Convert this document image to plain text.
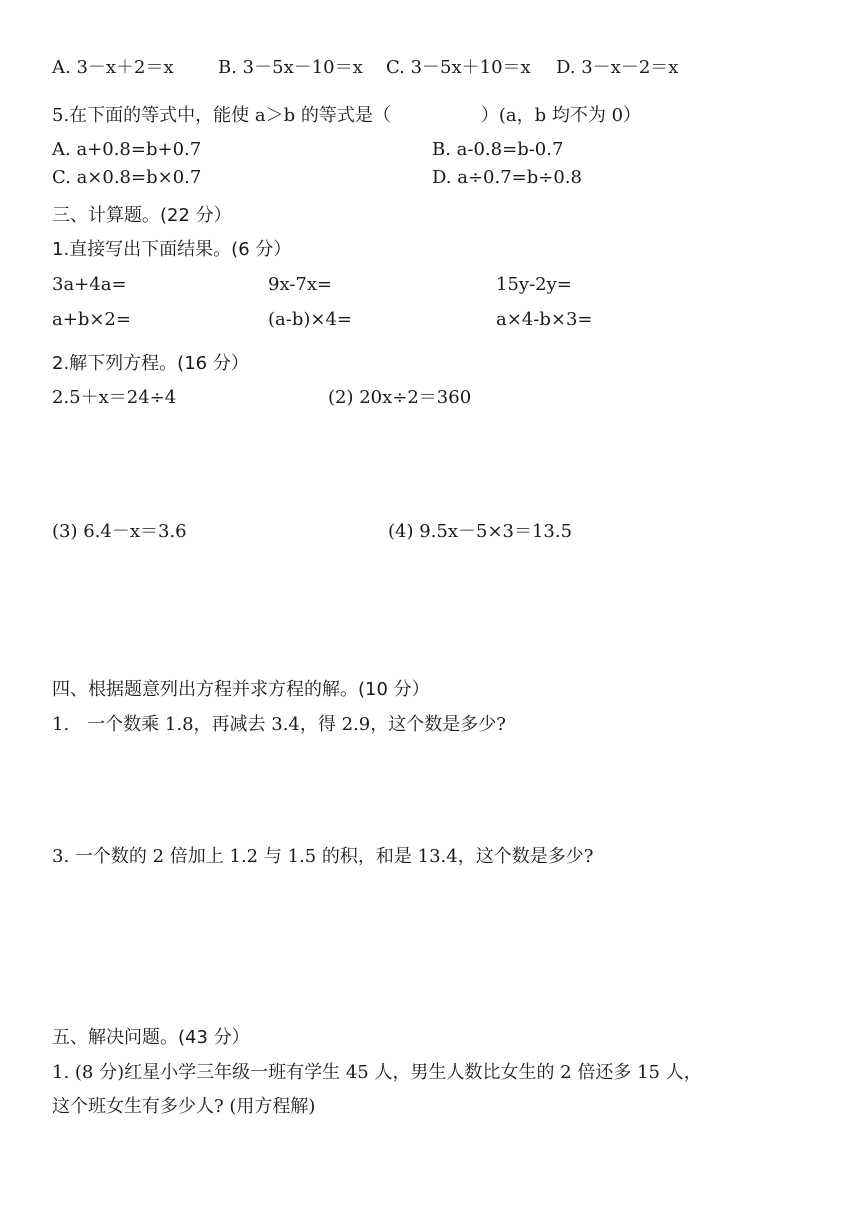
A. 3－x＋2＝x B. 3－5x－10＝x C. 3－5x＋10＝x D. 3－x－2＝x
5.在下面的等式中，能使 a＞b 的等式是（　　　　　）(a，b 均不为 0）
A. a+0.8=b+0.7	B. a-0.8=b-0.7
C. a×0.8=b×0.7	D. a÷0.7=b÷0.8
三、计算题。(22 分）
1.直接写出下面结果。(6 分）
3a+4a=	9x-7x=	15y-2y=
a+b×2=	(a-b)×4=	a×4-b×3=
2.解下列方程。(16 分）
2.5＋x＝24÷4	(2) 20x÷2＝360
(3) 6.4－x＝3.6	(4) 9.5x－5×3＝13.5
四、根据题意列出方程并求方程的解。(10 分）
1.　一个数乘 1.8，再减去 3.4，得 2.9，这个数是多少?
3. 一个数的 2 倍加上 1.2 与 1.5 的积，和是 13.4，这个数是多少?
五、解决问题。(43 分）
1. (8 分)红星小学三年级一班有学生 45 人，男生人数比女生的 2 倍还多 15 人，
这个班女生有多少人? (用方程解)
